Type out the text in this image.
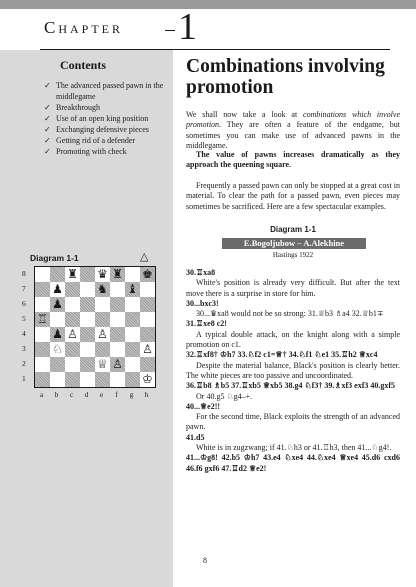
Chapter 1
Contents
✓ The advanced passed pawn in the middlegame
✓ Breakthrough
✓ Use of an open king position
✓ Exchanging defensive pieces
✓ Getting rid of a defender
✓ Promoting with check
Diagram 1-1	△
8
7
6
5
4
3
2
1
♜ ♛ ♜ ♚
♟	♞ ♝
♟
♖
♟ ♙ ♙
♘	♙
♕ ♙
♔
a	b	c	d	e	f	g	h
Combinations involving promotion

We shall now take a look at combinations which involve promotion. They are often a feature of the endgame, but sometimes you can make use of advanced pawns in the middlegame.

The value of pawns increases dramatically as they approach the queening square.

Frequently a passed pawn can only be stopped at a great cost in material. To clear the path for a passed pawn, even pieces may sometimes be sacrificed. Here are a few spectacular examples.

Diagram 1-1
E.Bogoljubow – A.Alekhine
Hastings 1922

30.♖xa8

White's position is already very difficult. But after the text move there is a surprise in store for him.

30...bxc3!

30...♛xa8 would not be so strong: 31.♕b3 ♗a4 32.♕b1∓

31.♖xe8 c2!

A typical double attack, on the knight along with a simple promotion on c1.

32.♖xf8† ♔h7 33.♘f2 c1=♕† 34.♘f1 ♘e1 35.♖h2 ♕xc4

Despite the material balance, Black's position is clearly better. The white pieces are too passive and uncoordinated.

36.♖b8 ♗b5 37.♖xb5 ♕xb5 38.g4 ♘f3† 39.♗xf3 exf3 40.gxf5

Or 40.g5 ♘g4–+.

40...♕e2!!

For the second time, Black exploits the strength of an advanced pawn.

41.d5

White is in zugzwang; if 41.♘h3 or 41.♖h3, then 41...♘g4!.

41...♔g8! 42.b5 ♔h7 43.e4 ♘xe4 44.♘xe4 ♕xe4 45.d6 cxd6 46.f6 gxf6 47.♖d2 ♕e2!

8
